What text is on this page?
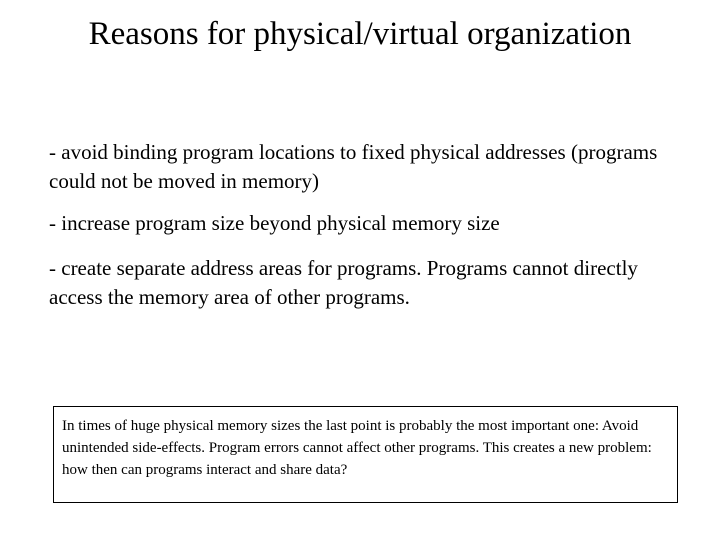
Reasons for physical/virtual organization

- avoid binding program locations to fixed physical addresses (programs could not be moved in memory)

- increase program size beyond physical memory size

- create separate address areas for programs. Programs cannot directly access the memory area of other programs.

In times of huge physical memory sizes the last point is probably the most important one: Avoid unintended side-effects. Program errors cannot affect other programs. This creates a new problem: how then can programs interact and share data?
